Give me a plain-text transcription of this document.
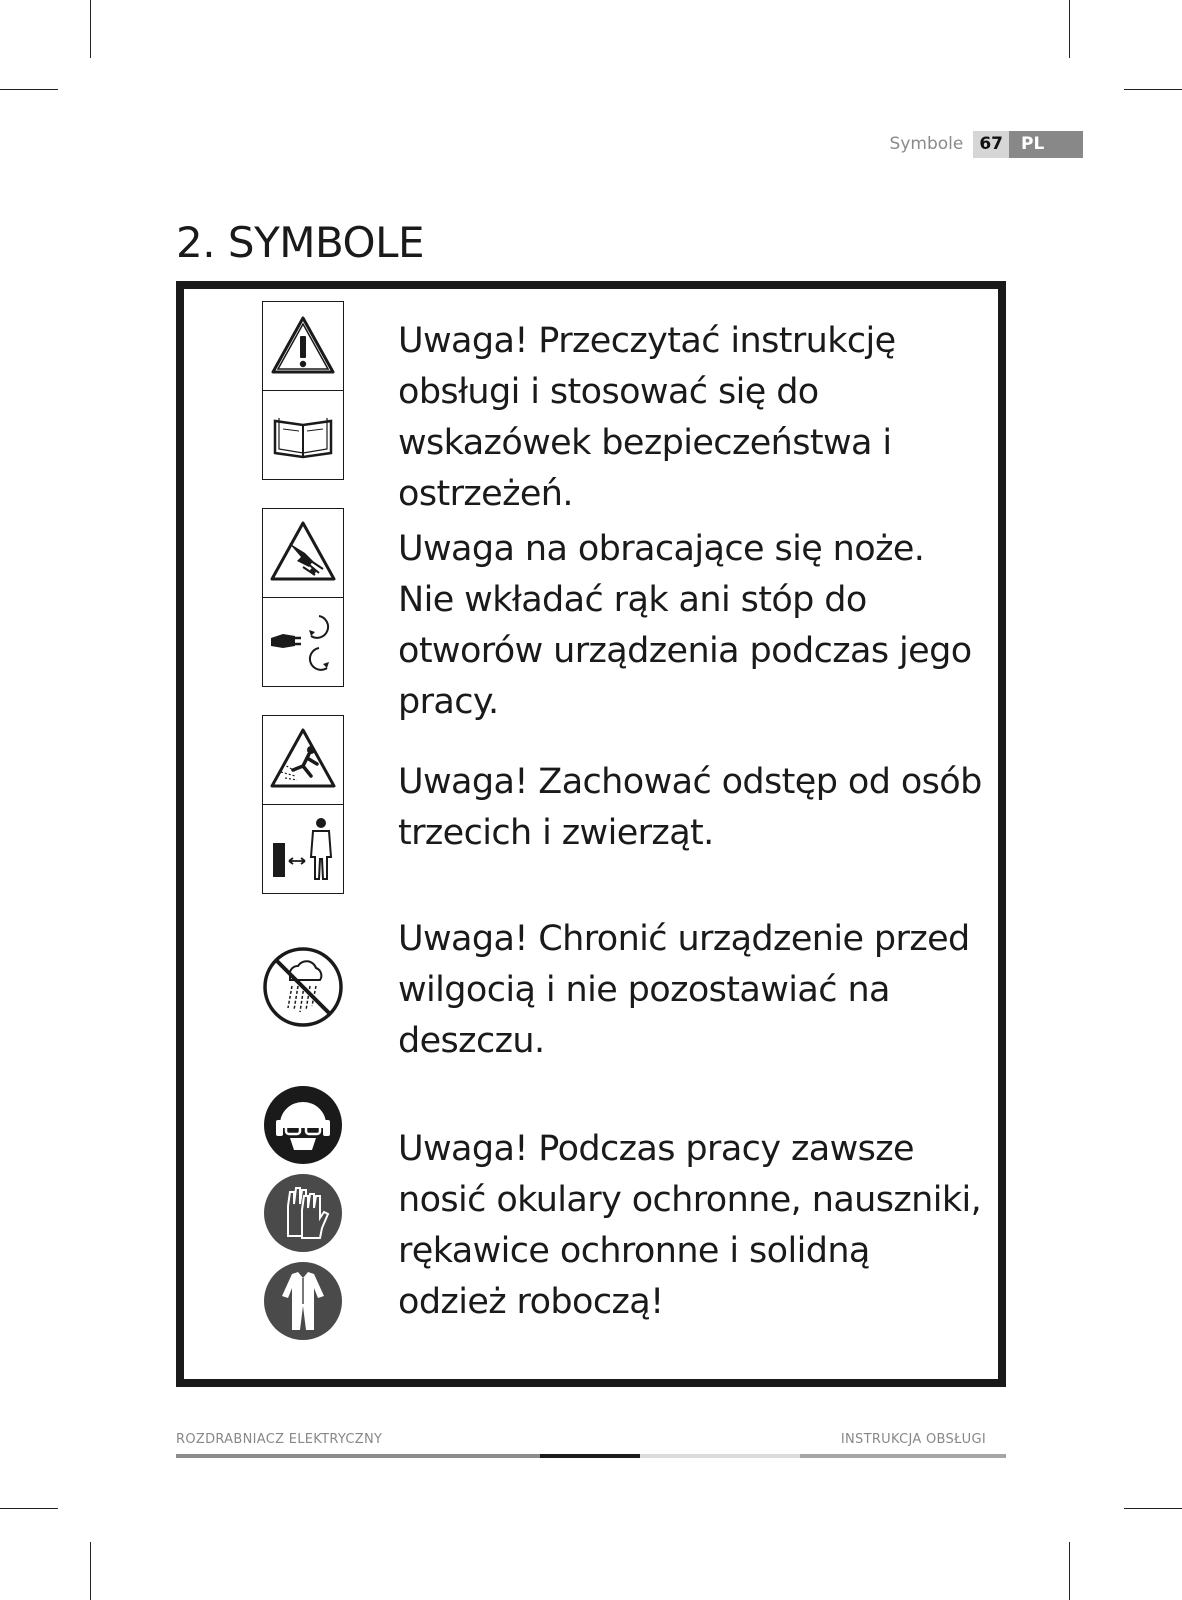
Symbole 67	PL
2. SYMBOLE
Uwaga! Przeczytać instrukcję obsługi i stosować się do wskazówek bezpieczeństwa i ostrzeżeń.
Uwaga na obracające się noże. Nie wkładać rąk ani stóp do otworów urządzenia podczas jego pracy.
Uwaga! Zachować odstęp od osób trzecich i zwierząt.
Uwaga! Chronić urządzenie przed wilgocią i nie pozostawiać na deszczu.
Uwaga! Podczas pracy zawsze nosić okulary ochronne, nauszniki, rękawice ochronne i solidną odzież roboczą!
ROZDRABNIACZ ELEKTRYCZNY	INSTRUKCJA OBSŁUGI
